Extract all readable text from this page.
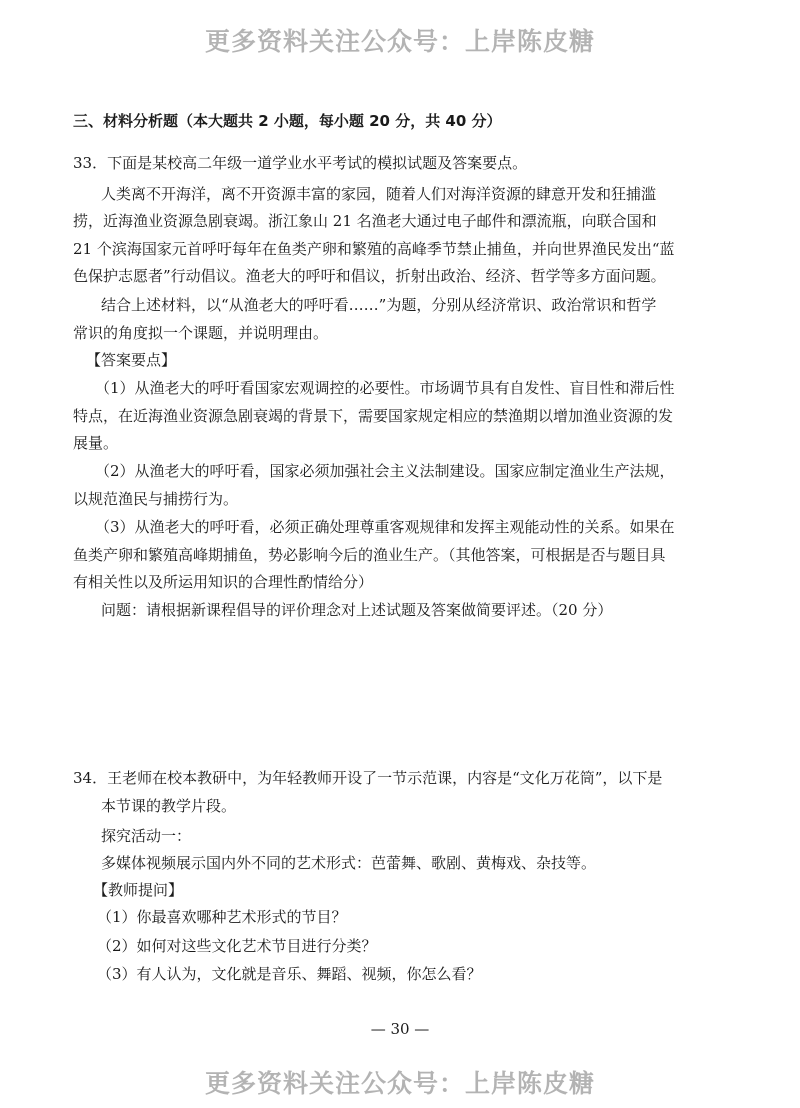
更多资料关注公众号：上岸陈皮糖
三、材料分析题（本大题共 2 小题，每小题 20 分，共 40 分）
33．下面是某校高二年级一道学业水平考试的模拟试题及答案要点。
人类离不开海洋，离不开资源丰富的家园，随着人们对海洋资源的肆意开发和狂捕滥
捞，近海渔业资源急剧衰竭。浙江象山 21 名渔老大通过电子邮件和漂流瓶，向联合国和
21 个滨海国家元首呼吁每年在鱼类产卵和繁殖的高峰季节禁止捕鱼，并向世界渔民发出“蓝
色保护志愿者”行动倡议。渔老大的呼吁和倡议，折射出政治、经济、哲学等多方面问题。
结合上述材料，以“从渔老大的呼吁看……”为题，分别从经济常识、政治常识和哲学
常识的角度拟一个课题，并说明理由。
【答案要点】
（1）从渔老大的呼吁看国家宏观调控的必要性。市场调节具有自发性、盲目性和滞后性
特点，在近海渔业资源急剧衰竭的背景下，需要国家规定相应的禁渔期以增加渔业资源的发
展量。
（2）从渔老大的呼吁看，国家必须加强社会主义法制建设。国家应制定渔业生产法规，
以规范渔民与捕捞行为。
（3）从渔老大的呼吁看，必须正确处理尊重客观规律和发挥主观能动性的关系。如果在
鱼类产卵和繁殖高峰期捕鱼，势必影响今后的渔业生产。（其他答案，可根据是否与题目具
有相关性以及所运用知识的合理性酌情给分）
问题：请根据新课程倡导的评价理念对上述试题及答案做简要评述。（20 分）
34．王老师在校本教研中，为年轻教师开设了一节示范课，内容是“文化万花筒”，以下是
本节课的教学片段。
探究活动一：
多媒体视频展示国内外不同的艺术形式：芭蕾舞、歌剧、黄梅戏、杂技等。
【教师提问】
（1）你最喜欢哪种艺术形式的节目？
（2）如何对这些文化艺术节目进行分类？
（3）有人认为，文化就是音乐、舞蹈、视频，你怎么看？
— 30 —
更多资料关注公众号：上岸陈皮糖
